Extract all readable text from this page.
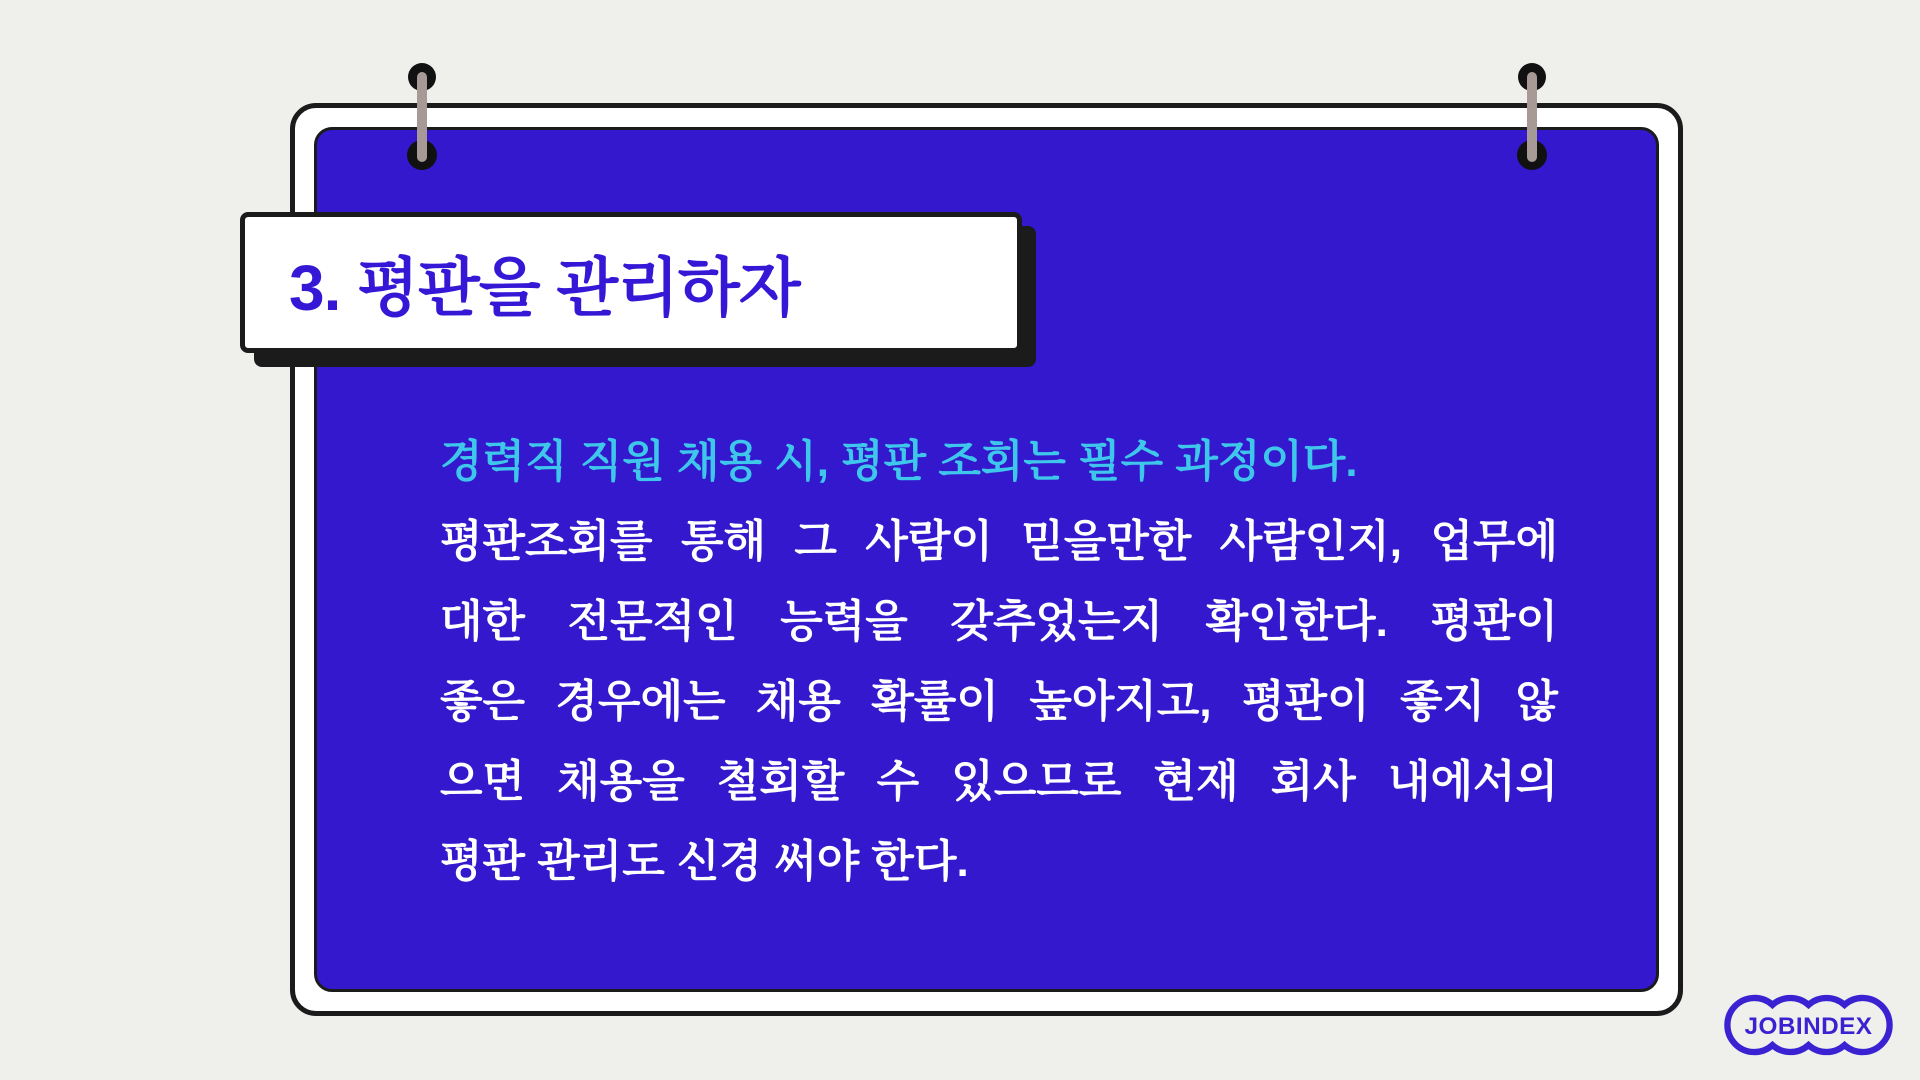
3. 평판을 관리하자
경력직 직원 채용 시, 평판 조회는 필수 과정이다.
평판조회를 통해 그 사람이 믿을만한 사람인지, 업무에
대한 전문적인 능력을 갖추었는지 확인한다. 평판이
좋은 경우에는 채용 확률이 높아지고, 평판이 좋지 않
으면 채용을 철회할 수 있으므로 현재 회사 내에서의
평판 관리도 신경 써야 한다.
JOBINDEX
